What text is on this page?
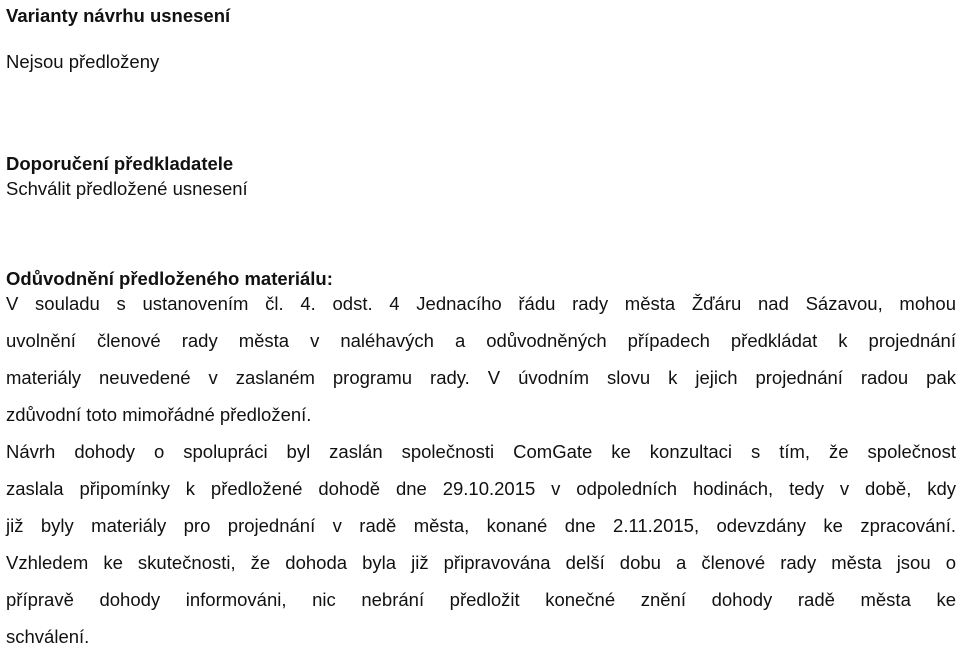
Varianty návrhu usnesení
Nejsou předloženy
Doporučení předkladatele
Schválit předložené usnesení
Odůvodnění předloženého materiálu:
V souladu s ustanovením čl. 4. odst. 4 Jednacího řádu rady města Žďáru nad Sázavou, mohou
uvolnění členové rady města v naléhavých a odůvodněných případech předkládat k projednání
materiály neuvedené v zaslaném programu rady. V úvodním slovu k jejich projednání radou pak
zdůvodní toto mimořádné předložení.
Návrh dohody o spolupráci byl zaslán společnosti ComGate ke konzultaci s tím, že společnost
zaslala připomínky k předložené dohodě dne 29.10.2015 v odpoledních hodinách, tedy v době, kdy
již byly materiály pro projednání v radě města, konané dne 2.11.2015, odevzdány ke zpracování.
Vzhledem ke skutečnosti, že dohoda byla již připravována delší dobu a členové rady města jsou o
přípravě dohody informováni, nic nebrání předložit konečné znění dohody radě města ke
schválení.
